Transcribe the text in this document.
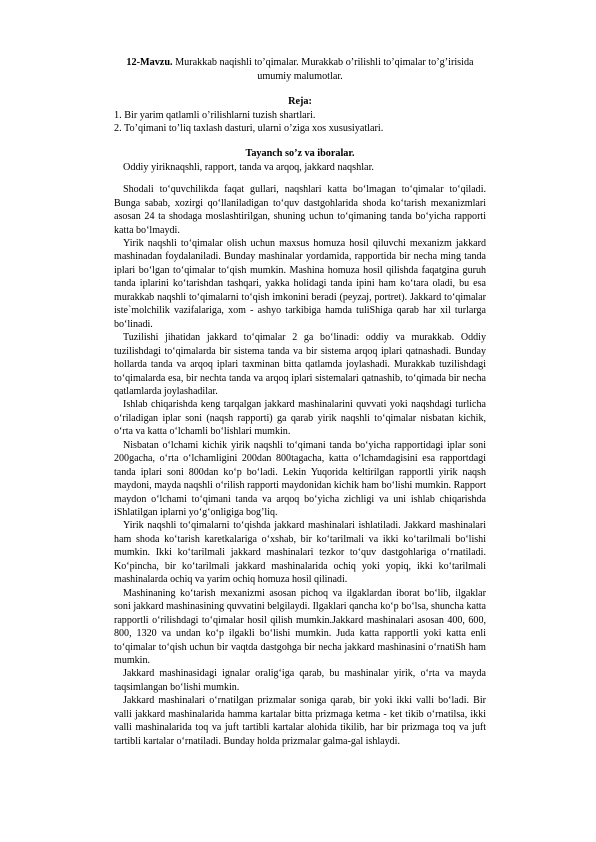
12-Mavzu. Murakkab naqishli to’qimalar. Murakkab o’rilishli to’qimalar to’g’irisida umumiy malumotlar.

Reja:

1. Bir yarim qatlamli o’rilishlarni tuzish shartlari.
2. To’qimani to’liq taxlash dasturi, ularni o’ziga xos xususiyatlari.

Tayanch so’z va iboralar.

Oddiy yiriknaqshli, rapport, tanda va arqoq, jakkard naqshlar.

Shodali to‘quvchilikda faqat gullari, naqshlari katta bo‘lmagan to‘qimalar to‘qiladi. Bunga sabab, xozirgi qo‘llaniladigan to‘quv dastgohlarida shoda ko‘tarish mexanizmlari asosan 24 ta shodaga moslashtirilgan, shuning uchun to‘qimaning tanda bo‘yicha rapporti katta bo‘lmaydi.

Yirik naqshli to‘qimalar olish uchun maxsus homuza hosil qiluvchi mexanizm jakkard mashinadan foydalaniladi. Bunday mashinalar yordamida, rapportida bir necha ming tanda iplari bo‘lgan to‘qimalar to‘qish mumkin. Mashina homuza hosil qilishda faqatgina guruh tanda iplarini ko‘tarishdan tashqari, yakka holidagi tanda ipini ham ko‘tara oladi, bu esa murakkab naqshli to‘qimalarni to‘qish imkonini beradi (peyzaj, portret). Jakkard to‘qimalar iste`molchilik vazifalariga, xom - ashyo tarkibiga hamda tuliShiga qarab har xil turlarga bo‘linadi.

Tuzilishi jihatidan jakkard to‘qimalar 2 ga bo‘linadi: oddiy va murakkab. Oddiy tuzilishdagi to‘qimalarda bir sistema tanda va bir sistema arqoq iplari qatnashadi. Bunday hollarda tanda va arqoq iplari taxminan bitta qatlamda joylashadi. Murakkab tuzilishdagi to‘qimalarda esa, bir nechta tanda va arqoq iplari sistemalari qatnashib, to‘qimada bir necha qatlamlarda joylashadilar.

Ishlab chiqarishda keng tarqalgan jakkard mashinalarini quvvati yoki naqshdagi turlicha o‘riladigan iplar soni (naqsh rapporti) ga qarab yirik naqshli to‘qimalar nisbatan kichik, o‘rta va katta o‘lchamli bo‘lishlari mumkin.

Nisbatan o‘lchami kichik yirik naqshli to‘qimani tanda bo‘yicha rapportidagi iplar soni 200gacha, o‘rta o‘lchamligini 200dan 800tagacha, katta o‘lchamdagisini esa rapportdagi tanda iplari soni 800dan ko‘p bo‘ladi. Lekin Yuqorida keltirilgan rapportli yirik naqsh maydoni, mayda naqshli o‘rilish rapporti maydonidan kichik ham bo‘lishi mumkin. Rapport maydon o‘lchami to‘qimani tanda va arqoq bo‘yicha zichligi va uni ishlab chiqarishda iShlatilgan iplarni yo‘g‘onligiga bog’liq.

Yirik naqshli to‘qimalarni to‘qishda jakkard mashinalari ishlatiladi. Jakkard mashinalari ham shoda ko‘tarish karetkalariga o‘xshab, bir ko‘tarilmali va ikki ko‘tarilmali bo‘lishi mumkin. Ikki ko‘tarilmali jakkard mashinalari tezkor to‘quv dastgohlariga o‘rnatiladi. Ko‘pincha, bir ko‘tarilmali jakkard mashinalarida ochiq yoki yopiq, ikki ko‘tarilmali mashinalarda ochiq va yarim ochiq homuza hosil qilinadi.

Mashinaning ko‘tarish mexanizmi asosan pichoq va ilgaklardan iborat bo‘lib, ilgaklar soni jakkard mashinasining quvvatini belgilaydi. Ilgaklari qancha ko‘p bo‘lsa, shuncha katta rapportli o‘rilishdagi to‘qimalar hosil qilish mumkin.Jakkard mashinalari asosan 400, 600, 800, 1320 va undan ko‘p ilgakli bo‘lishi mumkin. Juda katta rapportli yoki katta enli to‘qimalar to‘qish uchun bir vaqtda dastgohga bir necha jakkard mashinasini o‘rnatiSh ham mumkin.

Jakkard mashinasidagi ignalar oralig‘iga qarab, bu mashinalar yirik, o‘rta va mayda taqsimlangan bo‘lishi mumkin.

Jakkard mashinalari o‘rnatilgan prizmalar soniga qarab, bir yoki ikki valli bo‘ladi. Bir valli jakkard mashinalarida hamma kartalar bitta prizmaga ketma - ket tikib o‘rnatilsa, ikki valli mashinalarida toq va juft tartibli kartalar alohida tikilib, har bir prizmaga toq va juft tartibli kartalar o‘rnatiladi. Bunday holda prizmalar galma-gal ishlaydi.
